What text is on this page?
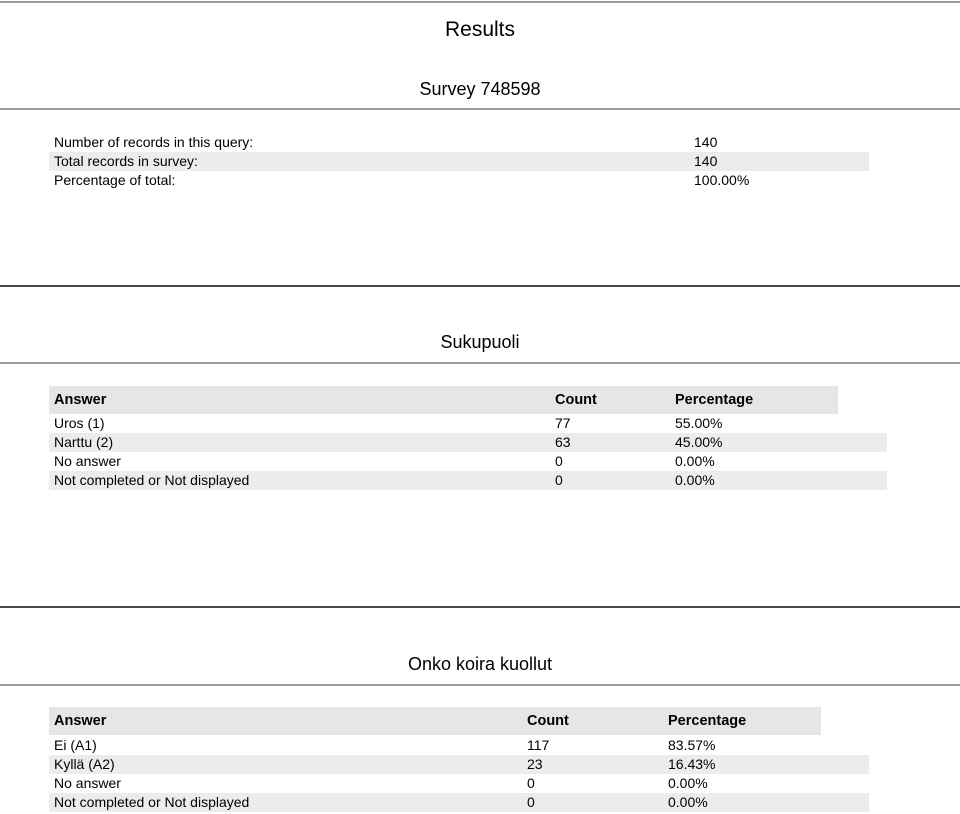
Results
Survey 748598
Number of records in this query:	140
Total records in survey:	140
Percentage of total:	100.00%
Sukupuoli
Answer	Count	Percentage
Uros (1)	77	55.00%
Narttu (2)	63	45.00%
No answer	0	0.00%
Not completed or Not displayed	0	0.00%
Onko koira kuollut
Answer	Count	Percentage
Ei (A1)	117	83.57%
Kyllä (A2)	23	16.43%
No answer	0	0.00%
Not completed or Not displayed	0	0.00%
